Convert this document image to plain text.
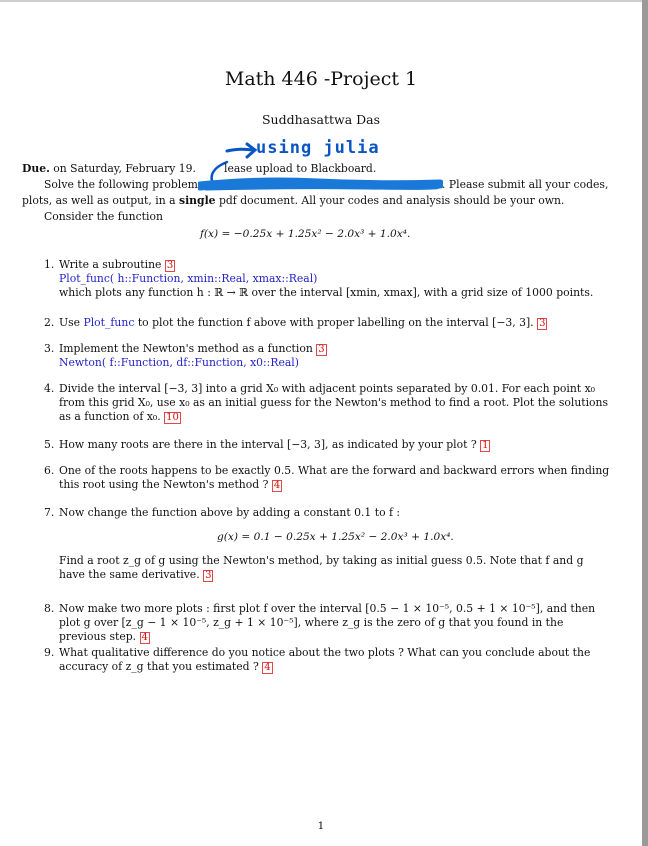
Math 446 -Project 1
Suddhasattwa Das
using julia
Due. on Saturday, February 19.	lease upload to Blackboard.
Solve the following problems	. Please submit all your codes,
plots, as well as output, in a single pdf document. All your codes and analysis should be your own.
Consider the function
f(x) = −0.25x + 1.25x² − 2.0x³ + 1.0x⁴.
1. Write a subroutine 3
Plot_func( h::Function, xmin::Real, xmax::Real)
which plots any function h : ℝ → ℝ over the interval [xmin, xmax], with a grid size of 1000 points.
2. Use Plot_func to plot the function f above with proper labelling on the interval [−3, 3]. 3
3. Implement the Newton's method as a function 3
Newton( f::Function, df::Function, x0::Real)
4. Divide the interval [−3, 3] into a grid X₀ with adjacent points separated by 0.01. For each point x₀ from this grid X₀, use x₀ as an initial guess for the Newton's method to find a root. Plot the solutions as a function of x₀. 10
5. How many roots are there in the interval [−3, 3], as indicated by your plot ? 1
6. One of the roots happens to be exactly 0.5. What are the forward and backward errors when finding this root using the Newton's method ? 4
7. Now change the function above by adding a constant 0.1 to f :
g(x) = 0.1 − 0.25x + 1.25x² − 2.0x³ + 1.0x⁴.
Find a root z_g of g using the Newton's method, by taking as initial guess 0.5. Note that f and g have the same derivative. 3
8. Now make two more plots : first plot f over the interval [0.5 − 1 × 10⁻⁵, 0.5 + 1 × 10⁻⁵], and then plot g over [z_g − 1 × 10⁻⁵, z_g + 1 × 10⁻⁵], where z_g is the zero of g that you found in the previous step. 4
9. What qualitative difference do you notice about the two plots ? What can you conclude about the accuracy of z_g that you estimated ? 4
1
